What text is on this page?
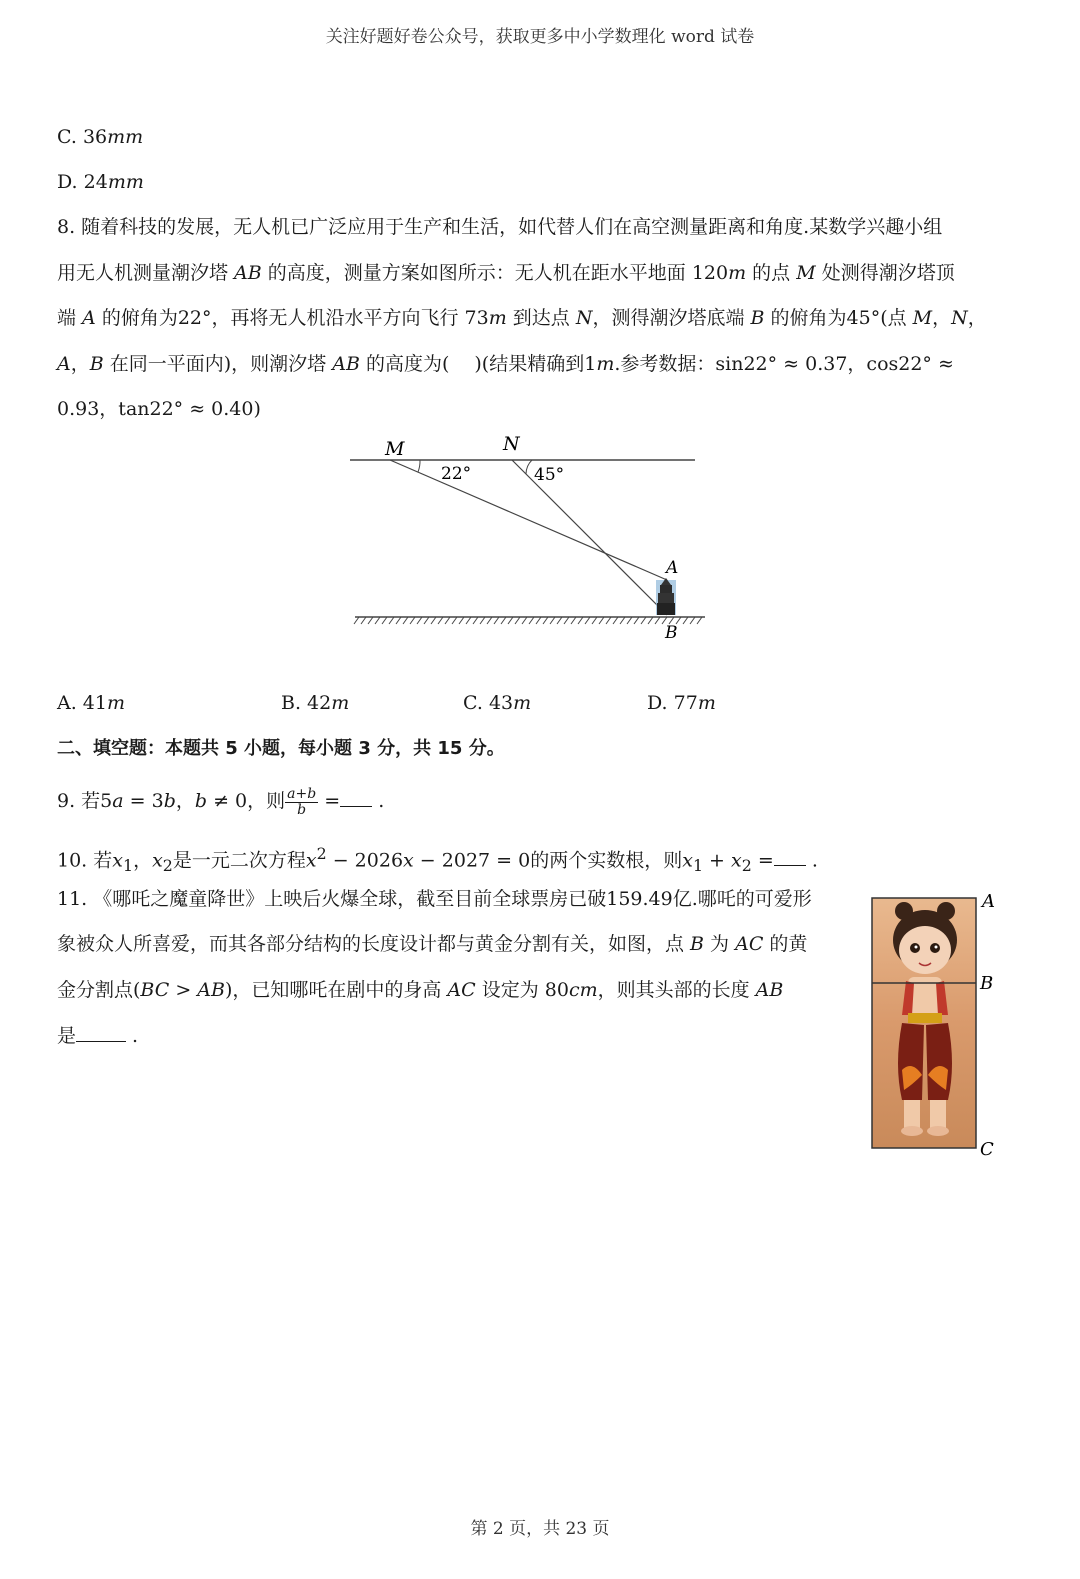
关注好题好卷公众号，获取更多中小学数理化 word 试卷
C. 36mm
D. 24mm
8. 随着科技的发展，无人机已广泛应用于生产和生活，如代替人们在高空测量距离和角度.某数学兴趣小组
用无人机测量潮汐塔 AB 的高度，测量方案如图所示：无人机在距水平地面 120m 的点 M 处测得潮汐塔顶
端 A 的俯角为22°，再将无人机沿水平方向飞行 73m 到达点 N，测得潮汐塔底端 B 的俯角为45°(点 M，N，
A，B 在同一平面内)，则潮汐塔 AB 的高度为(　 )(结果精确到1m.参考数据：sin22° ≈ 0.37，cos22° ≈
0.93，tan22° ≈ 0.40)
M	N
A
B
22°	45°
A. 41m	B. 42m	C. 43m	D. 77m
二、填空题：本题共 5 小题，每小题 3 分，共 15 分。
9. 若5a = 3b，b ≠ 0，则 $\frac{a+b}{b}$ = .
10. 若$x_1$，$x_2$是一元二次方程$x^2 - 2026x - 2027 = 0$的两个实数根，则$x_1 + x_2$ = .
11. 《哪吒之魔童降世》上映后火爆全球，截至目前全球票房已破159.49亿.哪吒的可爱形
象被众人所喜爱，而其各部分结构的长度设计都与黄金分割有关，如图，点 B 为 AC 的黄
金分割点(BC > AB)，已知哪吒在剧中的身高 AC 设定为 80cm，则其头部的长度 AB
是	.
A
B
C
第 2 页，共 23 页
